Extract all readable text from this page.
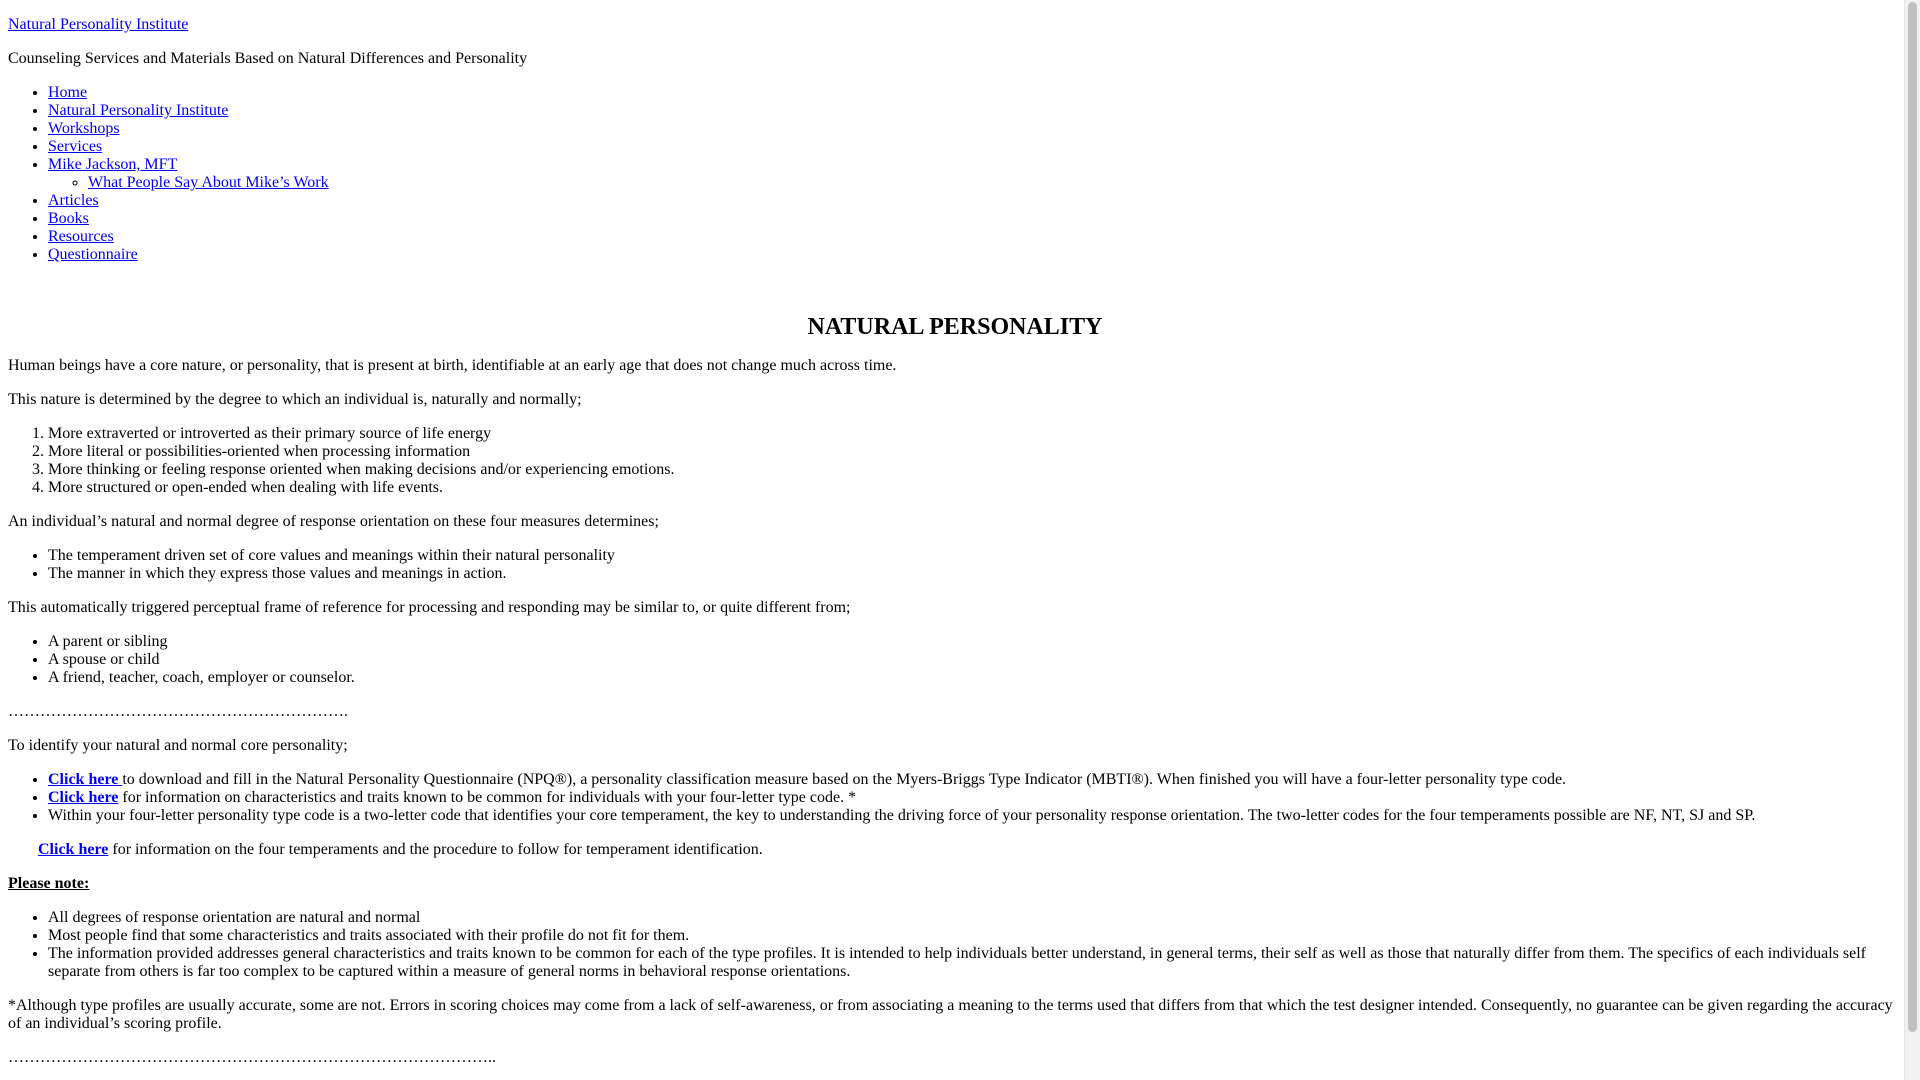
Natural Personality Institute
Counseling Services and Materials Based on Natural Differences and Personality
• Home
• Natural Personality Institute
• Workshops
• Services
• Mike Jackson, MFT
◦ What People Say About Mike’s Work
• Articles
• Books
• Resources
• Questionnaire
NATURAL PERSONALITY

Human beings have a core nature, or personality, that is present at birth, identifiable at an early age that does not change much across time.

This nature is determined by the degree to which an individual is, naturally and normally;

1. More extraverted or introverted as their primary source of life energy
2. More literal or possibilities-oriented when processing information
3. More thinking or feeling response oriented when making decisions and/or experiencing emotions.
4. More structured or open-ended when dealing with life events.

An individual’s natural and normal degree of response orientation on these four measures determines;

• The temperament driven set of core values and meanings within their natural personality
• The manner in which they express those values and meanings in action.

This automatically triggered perceptual frame of reference for processing and responding may be similar to, or quite different from;

• A parent or sibling
• A spouse or child
• A friend, teacher, coach, employer or counselor.

……………………………………………………….

To identify your natural and normal core personality;

• Click here to download and fill in the Natural Personality Questionnaire (NPQ®), a personality classification measure based on the Myers-Briggs Type Indicator (MBTI®). When finished you will have a four-letter personality type code.
• Click here for information on characteristics and traits known to be common for individuals with your four-letter type code. *
• Within your four-letter personality type code is a two-letter code that identifies your core temperament, the key to understanding the driving force of your personality response orientation. The two-letter codes for the four temperaments possible are NF, NT, SJ and SP.

Click here for information on the four temperaments and the procedure to follow for temperament identification.

Please note:

• All degrees of response orientation are natural and normal
• Most people find that some characteristics and traits associated with their profile do not fit for them.
• The information provided addresses general characteristics and traits known to be common for each of the type profiles. It is intended to help individuals better understand, in general terms, their self as well as those that naturally differ from them. The specifics of each individuals self separate from others is far too complex to be captured within a measure of general norms in behavioral response orientations.

*Although type profiles are usually accurate, some are not. Errors in scoring choices may come from a lack of self-awareness, or from associating a meaning to the terms used that differs from that which the test designer intended. Consequently, no guarantee can be given regarding the accuracy of an individual’s scoring profile.

………………………………………………………………………………..
